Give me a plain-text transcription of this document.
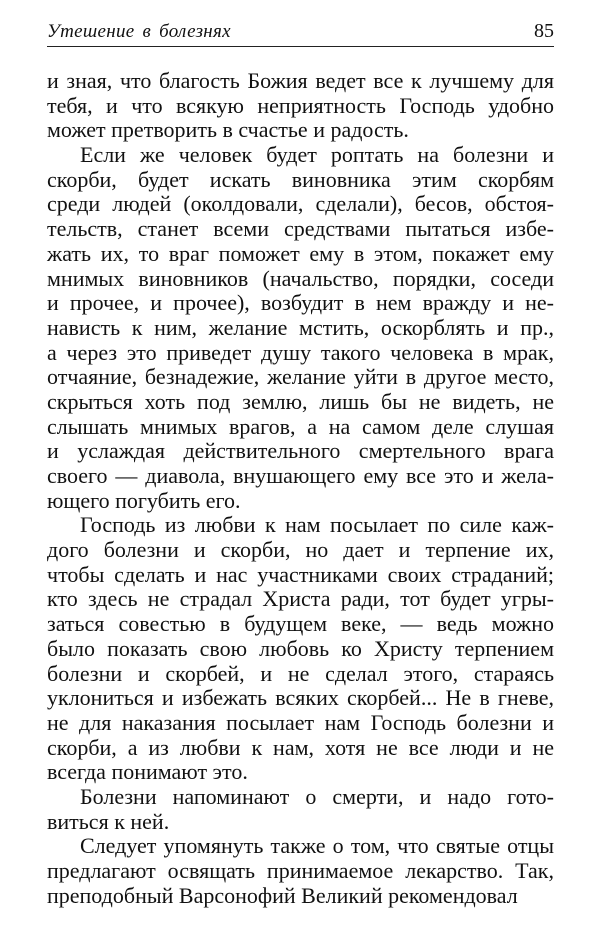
Утешение в болезнях	85
и зная, что благость Божия ведет все к лучшему для
тебя, и что всякую неприятность Господь удобно
может претворить в счастье и радость.
Если же человек будет роптать на болезни и
скорби, будет искать виновника этим скорбям
среди людей (околдовали, сделали), бесов, обстоя-
тельств, станет всеми средствами пытаться избе-
жать их, то враг поможет ему в этом, покажет ему
мнимых виновников (начальство, порядки, соседи
и прочее, и прочее), возбудит в нем вражду и не-
нависть к ним, желание мстить, оскорблять и пр.,
а через это приведет душу такого человека в мрак,
отчаяние, безнадежие, желание уйти в другое место,
скрыться хоть под землю, лишь бы не видеть, не
слышать мнимых врагов, а на самом деле слушая
и услаждая действительного смертельного врага
своего — диавола, внушающего ему все это и жела-
ющего погубить его.
Господь из любви к нам посылает по силе каж-
дого болезни и скорби, но дает и терпение их,
чтобы сделать и нас участниками своих страданий;
кто здесь не страдал Христа ради, тот будет угры-
заться совестью в будущем веке, — ведь можно
было показать свою любовь ко Христу терпением
болезни и скорбей, и не сделал этого, стараясь
уклониться и избежать всяких скорбей... Не в гневе,
не для наказания посылает нам Господь болезни и
скорби, а из любви к нам, хотя не все люди и не
всегда понимают это.
Болезни напоминают о смерти, и надо гото-
виться к ней.
Следует упомянуть также о том, что святые отцы
предлагают освящать принимаемое лекарство. Так,
преподобный Варсонофий Великий рекомендовал
